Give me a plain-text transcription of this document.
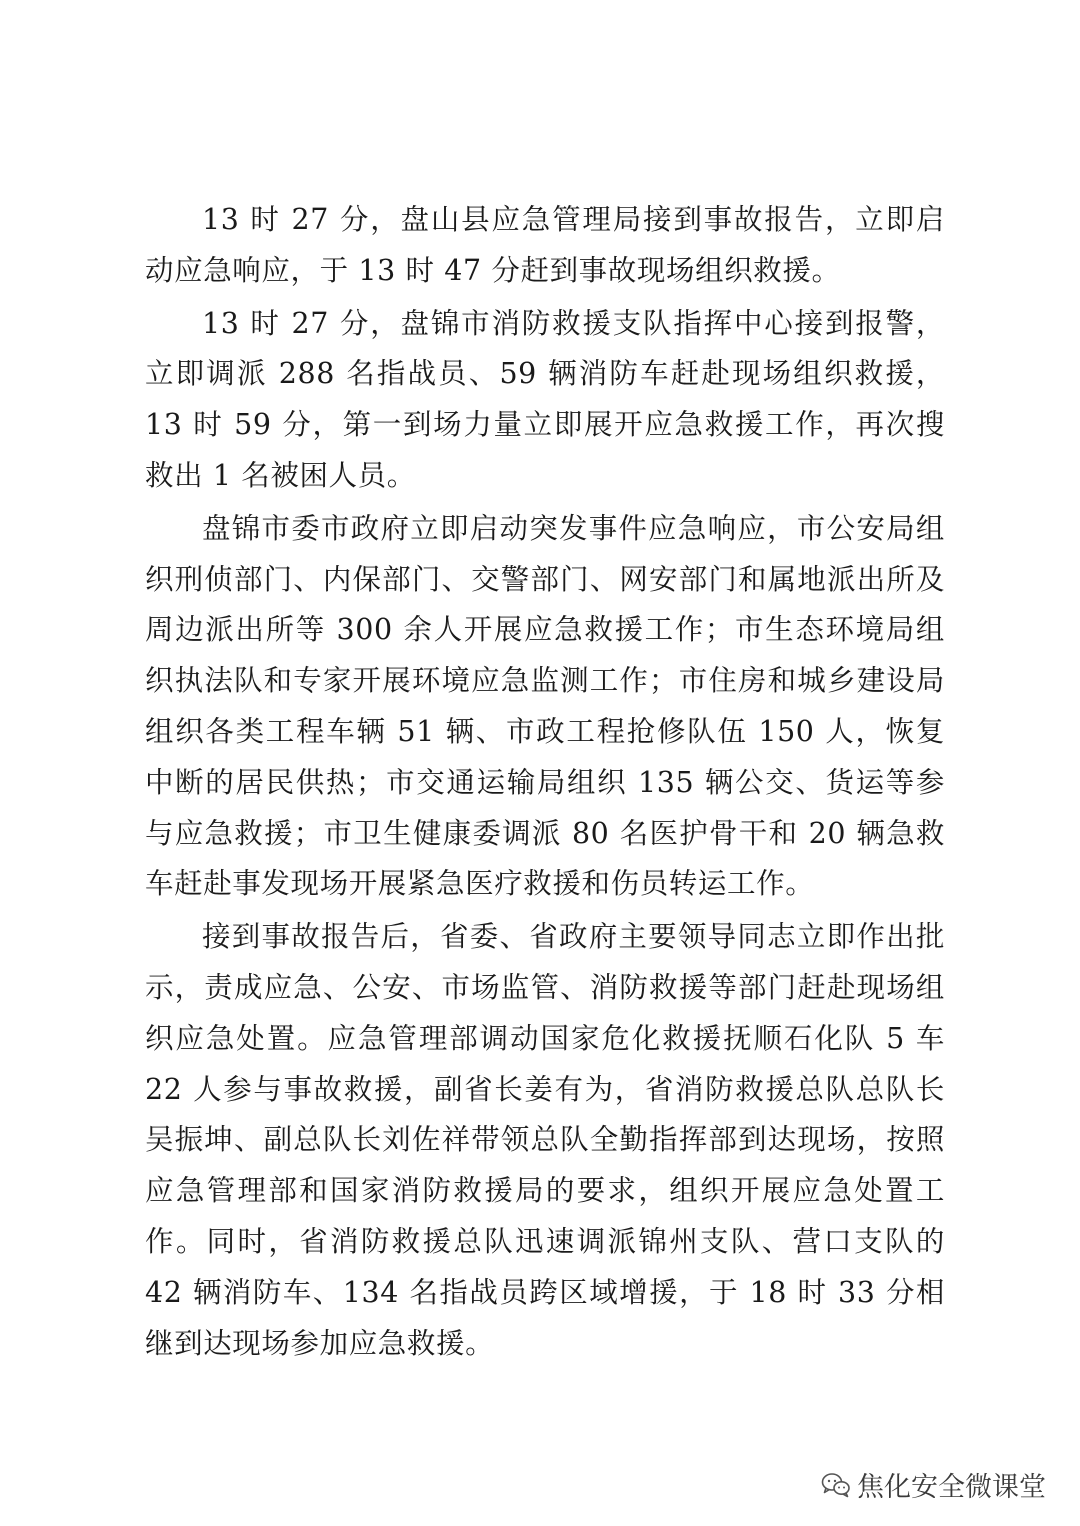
13 时 27 分，盘山县应急管理局接到事故报告，立即启动应急响应，于 13 时 47 分赶到事故现场组织救援。

13 时 27 分，盘锦市消防救援支队指挥中心接到报警，立即调派 288 名指战员、59 辆消防车赶赴现场组织救援，13 时 59 分，第一到场力量立即展开应急救援工作，再次搜救出 1 名被困人员。

盘锦市委市政府立即启动突发事件应急响应，市公安局组织刑侦部门、内保部门、交警部门、网安部门和属地派出所及周边派出所等 300 余人开展应急救援工作；市生态环境局组织执法队和专家开展环境应急监测工作；市住房和城乡建设局组织各类工程车辆 51 辆、市政工程抢修队伍 150 人，恢复中断的居民供热；市交通运输局组织 135 辆公交、货运等参与应急救援；市卫生健康委调派 80 名医护骨干和 20 辆急救车赶赴事发现场开展紧急医疗救援和伤员转运工作。

接到事故报告后，省委、省政府主要领导同志立即作出批示，责成应急、公安、市场监管、消防救援等部门赶赴现场组织应急处置。应急管理部调动国家危化救援抚顺石化队 5 车 22 人参与事故救援，副省长姜有为，省消防救援总队总队长吴振坤、副总队长刘佐祥带领总队全勤指挥部到达现场，按照应急管理部和国家消防救援局的要求，组织开展应急处置工作。同时，省消防救援总队迅速调派锦州支队、营口支队的 42 辆消防车、134 名指战员跨区域增援，于 18 时 33 分相继到达现场参加应急救援。

焦化安全微课堂
